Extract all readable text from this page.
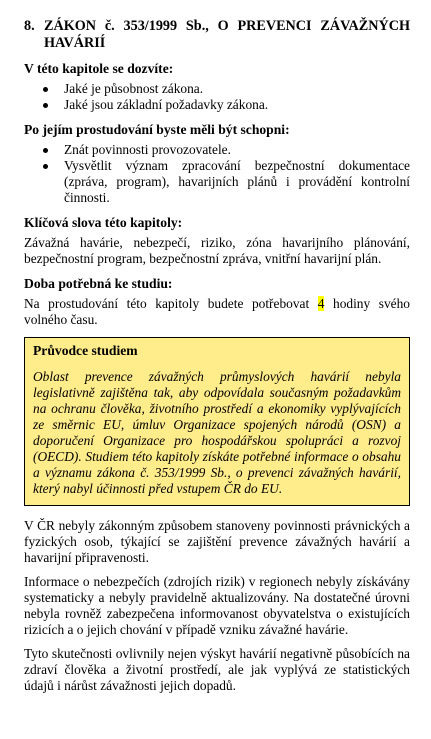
8. ZÁKON č. 353/1999 Sb., O PREVENCI ZÁVAŽNÝCH HAVÁRIÍ
V této kapitole se dozvíte:
Jaké je působnost zákona.
Jaké jsou základní požadavky zákona.
Po jejím prostudování byste měli být schopni:
Znát povinnosti provozovatele.
Vysvětlit význam zpracování bezpečnostní dokumentace (zpráva, program), havarijních plánů i provádění kontrolní činnosti.
Klíčová slova této kapitoly:

Závažná havárie, nebezpečí, riziko, zóna havarijního plánování, bezpečnostní program, bezpečnostní zpráva, vnitřní havarijní plán.

Doba potřebná ke studiu:

Na prostudování této kapitoly budete potřebovat 4 hodiny svého volného času.

Průvodce studiem

Oblast prevence závažných průmyslových havárií nebyla legislativně zajištěna tak, aby odpovídala současným požadavkům na ochranu člověka, životního prostředí a ekonomiky vyplývajících ze směrnic EU, úmluv Organizace spojených národů (OSN) a doporučení Organizace pro hospodářskou spolupráci a rozvoj (OECD). Studiem této kapitoly získáte potřebné informace o obsahu a významu zákona č. 353/1999 Sb., o prevenci závažných havárií, který nabyl účinnosti před vstupem ČR do EU.

V ČR nebyly zákonným způsobem stanoveny povinnosti právnických a fyzických osob, týkající se zajištění prevence závažných havárií a havarijní připravenosti.

Informace o nebezpečích (zdrojích rizik) v regionech nebyly získávány systematicky a nebyly pravidelně aktualizovány. Na dostatečné úrovni nebyla rovněž zabezpečena informovanost obyvatelstva o existujících rizicích a o jejich chování v případě vzniku závažné havárie.

Tyto skutečnosti ovlivnily nejen výskyt havárií negativně působících na zdraví člověka a životní prostředí, ale jak vyplývá ze statistických údajů i nárůst závažnosti jejich dopadů.
